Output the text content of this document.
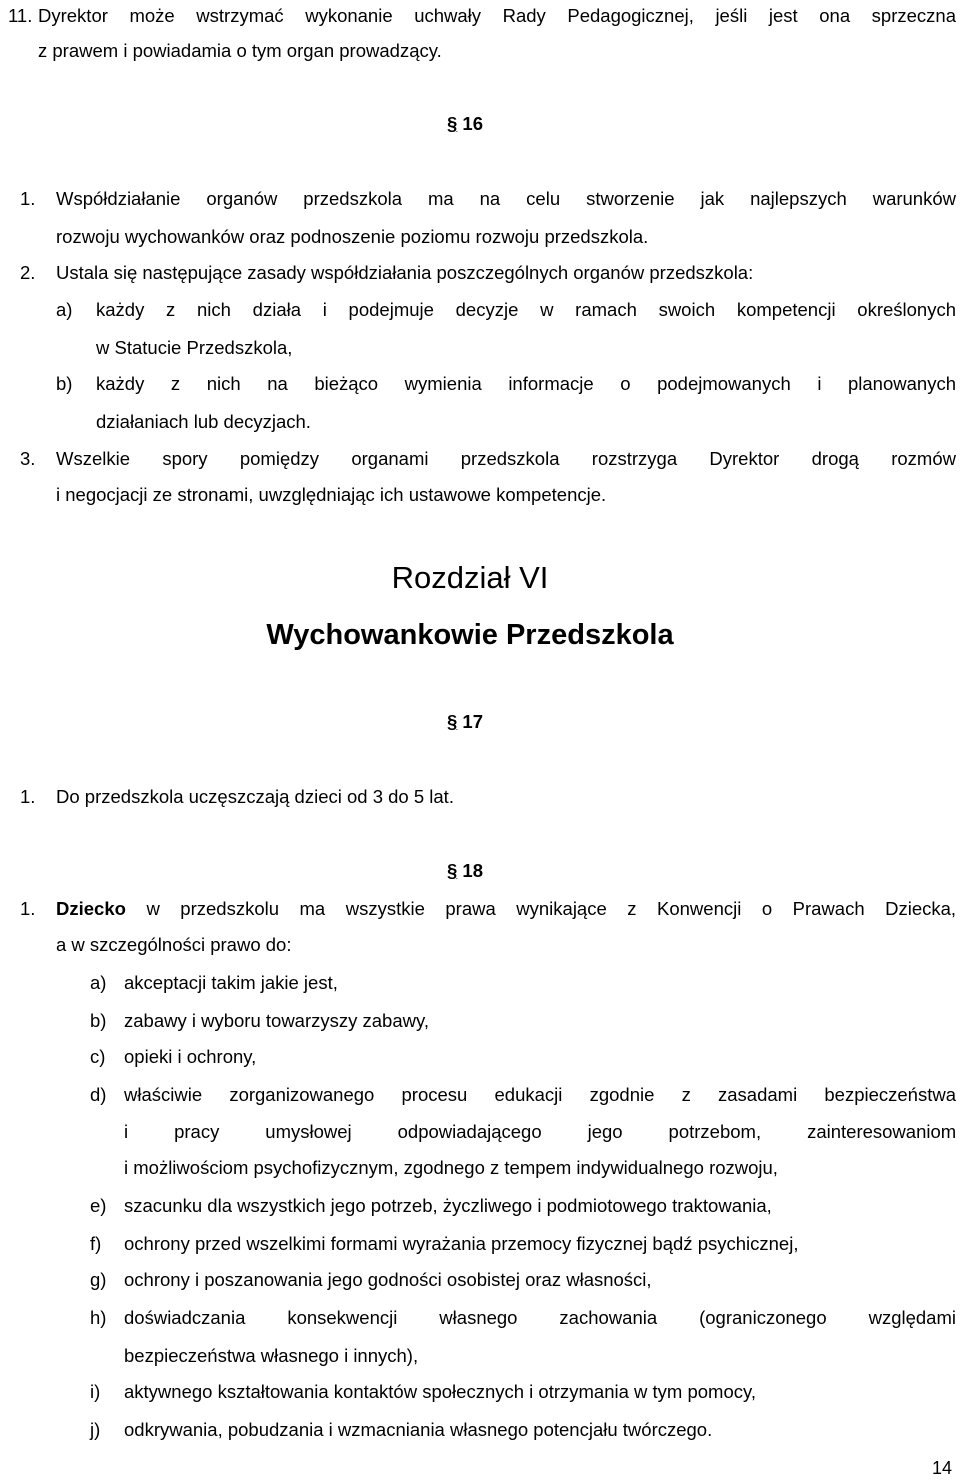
11. Dyrektor może wstrzymać wykonanie uchwały Rady Pedagogicznej, jeśli jest ona sprzeczna
z prawem i powiadamia o tym organ prowadzący.
§ 16
1. Współdziałanie organów przedszkola ma na celu stworzenie jak najlepszych warunków
rozwoju wychowanków oraz podnoszenie poziomu rozwoju przedszkola.
2. Ustala się następujące zasady współdziałania poszczególnych organów przedszkola:
a) każdy z nich działa i podejmuje decyzje w ramach swoich kompetencji określonych
w Statucie Przedszkola,
b) każdy z nich na bieżąco wymienia informacje o podejmowanych i planowanych
działaniach lub decyzjach.
3. Wszelkie spory pomiędzy organami przedszkola rozstrzyga Dyrektor drogą rozmów
i negocjacji ze stronami, uwzględniając ich ustawowe kompetencje.
Rozdział VI
Wychowankowie Przedszkola
§ 17
1. Do przedszkola uczęszczają dzieci od 3 do 5 lat.
§ 18
1. Dziecko w przedszkolu ma wszystkie prawa wynikające z Konwencji o Prawach Dziecka,
a w szczególności prawo do:
a) akceptacji takim jakie jest,
b) zabawy i wyboru towarzyszy zabawy,
c) opieki i ochrony,
d) właściwie zorganizowanego procesu edukacji zgodnie z zasadami bezpieczeństwa
i pracy umysłowej odpowiadającego jego potrzebom, zainteresowaniom
i możliwościom psychofizycznym, zgodnego z tempem indywidualnego rozwoju,
e) szacunku dla wszystkich jego potrzeb, życzliwego i podmiotowego traktowania,
f) ochrony przed wszelkimi formami wyrażania przemocy fizycznej bądź psychicznej,
g) ochrony i poszanowania jego godności osobistej oraz własności,
h) doświadczania konsekwencji własnego zachowania (ograniczonego względami
bezpieczeństwa własnego i innych),
i) aktywnego kształtowania kontaktów społecznych i otrzymania w tym pomocy,
j) odkrywania, pobudzania i wzmacniania własnego potencjału twórczego.
14
